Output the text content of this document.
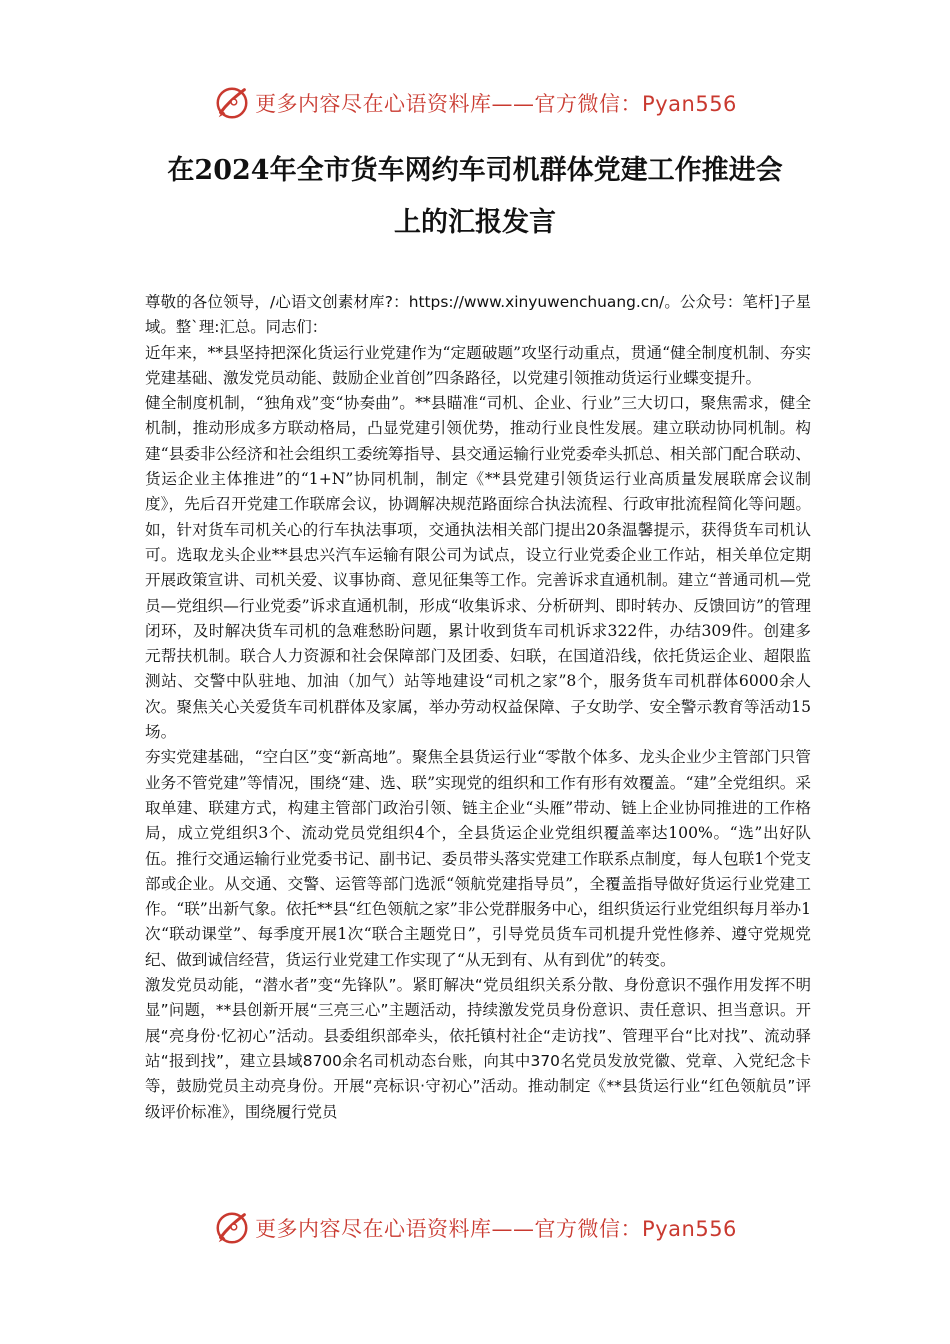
更多内容尽在心语资料库——官方微信：Pyan556
在2024年全市货车网约车司机群体党建工作推进会
上的汇报发言

尊敬的各位领导，/心语文创素材库?：https://www.xinyuwenchuang.cn/。公众号：笔杆]子星域。整`理:汇总。同志们：

近年来，**县坚持把深化货运行业党建作为“定题破题”攻坚行动重点，贯通“健全制度机制、夯实党建基础、激发党员动能、鼓励企业首创”四条路径，以党建引领推动货运行业蝶变提升。

健全制度机制，“独角戏”变“协奏曲”。**县瞄准“司机、企业、行业”三大切口，聚焦需求，健全机制，推动形成多方联动格局，凸显党建引领优势，推动行业良性发展。建立联动协同机制。构建“县委非公经济和社会组织工委统筹指导、县交通运输行业党委牵头抓总、相关部门配合联动、货运企业主体推进”的“1+N”协同机制，制定《**县党建引领货运行业高质量发展联席会议制度》，先后召开党建工作联席会议，协调解决规范路面综合执法流程、行政审批流程简化等问题。如，针对货车司机关心的行车执法事项，交通执法相关部门提出20条温馨提示，获得货车司机认可。选取龙头企业**县忠兴汽车运输有限公司为试点，设立行业党委企业工作站，相关单位定期开展政策宣讲、司机关爱、议事协商、意见征集等工作。完善诉求直通机制。建立“普通司机—党员—党组织—行业党委”诉求直通机制，形成“收集诉求、分析研判、即时转办、反馈回访”的管理闭环，及时解决货车司机的急难愁盼问题，累计收到货车司机诉求322件，办结309件。创建多元帮扶机制。联合人力资源和社会保障部门及团委、妇联，在国道沿线，依托货运企业、超限监测站、交警中队驻地、加油（加气）站等地建设“司机之家”8个，服务货车司机群体6000余人次。聚焦关心关爱货车司机群体及家属，举办劳动权益保障、子女助学、安全警示教育等活动15场。

夯实党建基础，“空白区”变“新高地”。聚焦全县货运行业“零散个体多、龙头企业少主管部门只管业务不管党建”等情况，围绕“建、选、联”实现党的组织和工作有形有效覆盖。“建”全党组织。采取单建、联建方式，构建主管部门政治引领、链主企业“头雁”带动、链上企业协同推进的工作格局，成立党组织3个、流动党员党组织4个，全县货运企业党组织覆盖率达100%。“选”出好队伍。推行交通运输行业党委书记、副书记、委员带头落实党建工作联系点制度，每人包联1个党支部或企业。从交通、交警、运管等部门选派“领航党建指导员”，全覆盖指导做好货运行业党建工作。“联”出新气象。依托**县“红色领航之家”非公党群服务中心，组织货运行业党组织每月举办1次“联动课堂”、每季度开展1次“联合主题党日”，引导党员货车司机提升党性修养、遵守党规党纪、做到诚信经营，货运行业党建工作实现了“从无到有、从有到优”的转变。

激发党员动能，“潜水者”变“先锋队”。紧盯解决“党员组织关系分散、身份意识不强作用发挥不明显”问题，**县创新开展“三亮三心”主题活动，持续激发党员身份意识、责任意识、担当意识。开展“亮身份·忆初心”活动。县委组织部牵头，依托镇村社企“走访找”、管理平台“比对找”、流动驿站“报到找”，建立县域8700余名司机动态台账，向其中370名党员发放党徽、党章、入党纪念卡等，鼓励党员主动亮身份。开展“亮标识·守初心”活动。推动制定《**县货运行业“红色领航员”评级评价标准》，围绕履行党员

更多内容尽在心语资料库——官方微信：Pyan556
